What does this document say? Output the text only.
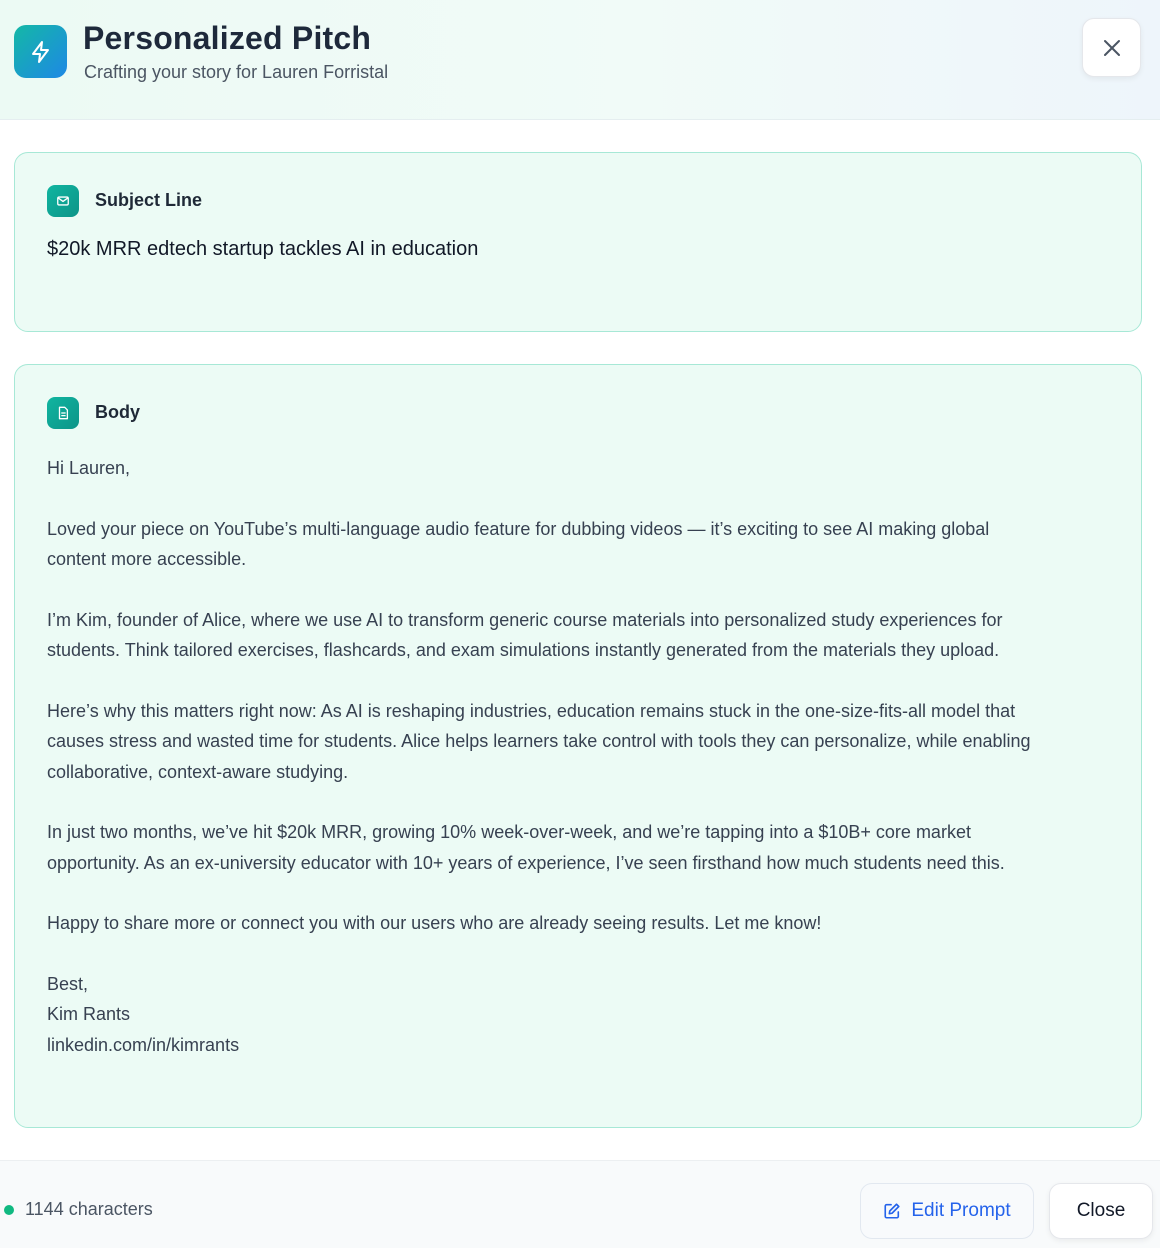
Personalized Pitch
Crafting your story for Lauren Forristal
Subject Line
$20k MRR edtech startup tackles AI in education
Body

Hi Lauren,

Loved your piece on YouTube’s multi-language audio feature for dubbing videos — it’s exciting to see AI making global

content more accessible.

I’m Kim, founder of Alice, where we use AI to transform generic course materials into personalized study experiences for

students. Think tailored exercises, flashcards, and exam simulations instantly generated from the materials they upload.

Here’s why this matters right now: As AI is reshaping industries, education remains stuck in the one-size-fits-all model that

causes stress and wasted time for students. Alice helps learners take control with tools they can personalize, while enabling

collaborative, context-aware studying.

In just two months, we’ve hit $20k MRR, growing 10% week-over-week, and we’re tapping into a $10B+ core market

opportunity. As an ex-university educator with 10+ years of experience, I’ve seen firsthand how much students need this.

Happy to share more or connect you with our users who are already seeing results. Let me know!

Best,

Kim Rants

linkedin.com/in/kimrants

1144 characters	Edit Prompt	Close
